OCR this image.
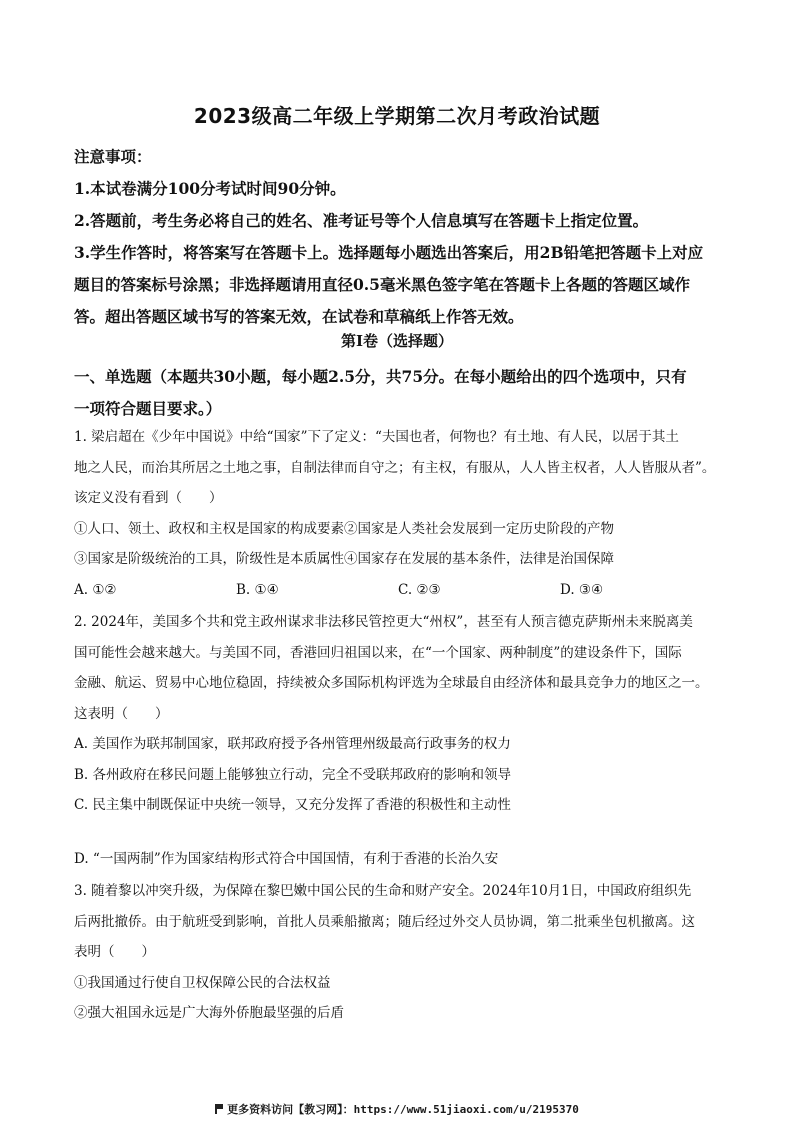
2023级高二年级上学期第二次月考政治试题
注意事项：
1.本试卷满分100分考试时间90分钟。
2.答题前，考生务必将自己的姓名、准考证号等个人信息填写在答题卡上指定位置。
3.学生作答时，将答案写在答题卡上。选择题每小题选出答案后，用2B铅笔把答题卡上对应
题目的答案标号涂黑；非选择题请用直径0.5毫米黑色签字笔在答题卡上各题的答题区域作
答。超出答题区域书写的答案无效，在试卷和草稿纸上作答无效。
第Ⅰ卷（选择题）
一、单选题（本题共30小题，每小题2.5分，共75分。在每小题给出的四个选项中，只有
一项符合题目要求。）
1. 梁启超在《少年中国说》中给“国家”下了定义：“夫国也者，何物也？有土地、有人民，以居于其土
地之人民，而治其所居之土地之事，自制法律而自守之；有主权，有服从，人人皆主权者，人人皆服从者”。
该定义没有看到（　　）
①人口、领土、政权和主权是国家的构成要素②国家是人类社会发展到一定历史阶段的产物
③国家是阶级统治的工具，阶级性是本质属性④国家存在发展的基本条件，法律是治国保障
A. ①②	B. ①④	C. ②③	D. ③④
2. 2024年，美国多个共和党主政州谋求非法移民管控更大“州权”，甚至有人预言德克萨斯州未来脱离美
国可能性会越来越大。与美国不同，香港回归祖国以来，在“一个国家、两种制度”的建设条件下，国际
金融、航运、贸易中心地位稳固，持续被众多国际机构评选为全球最自由经济体和最具竞争力的地区之一。
这表明（　　）
A. 美国作为联邦制国家，联邦政府授予各州管理州级最高行政事务的权力
B. 各州政府在移民问题上能够独立行动，完全不受联邦政府的影响和领导
C. 民主集中制既保证中央统一领导，又充分发挥了香港的积极性和主动性
D. “一国两制”作为国家结构形式符合中国国情，有利于香港的长治久安
3. 随着黎以冲突升级，为保障在黎巴嫩中国公民的生命和财产安全。2024年10月1日，中国政府组织先
后两批撤侨。由于航班受到影响，首批人员乘船撤离；随后经过外交人员协调，第二批乘坐包机撤离。这
表明（　　）
①我国通过行使自卫权保障公民的合法权益
②强大祖国永远是广大海外侨胞最坚强的后盾
更多资料访问【教习网】：https://www.51jiaoxi.com/u/2195370
